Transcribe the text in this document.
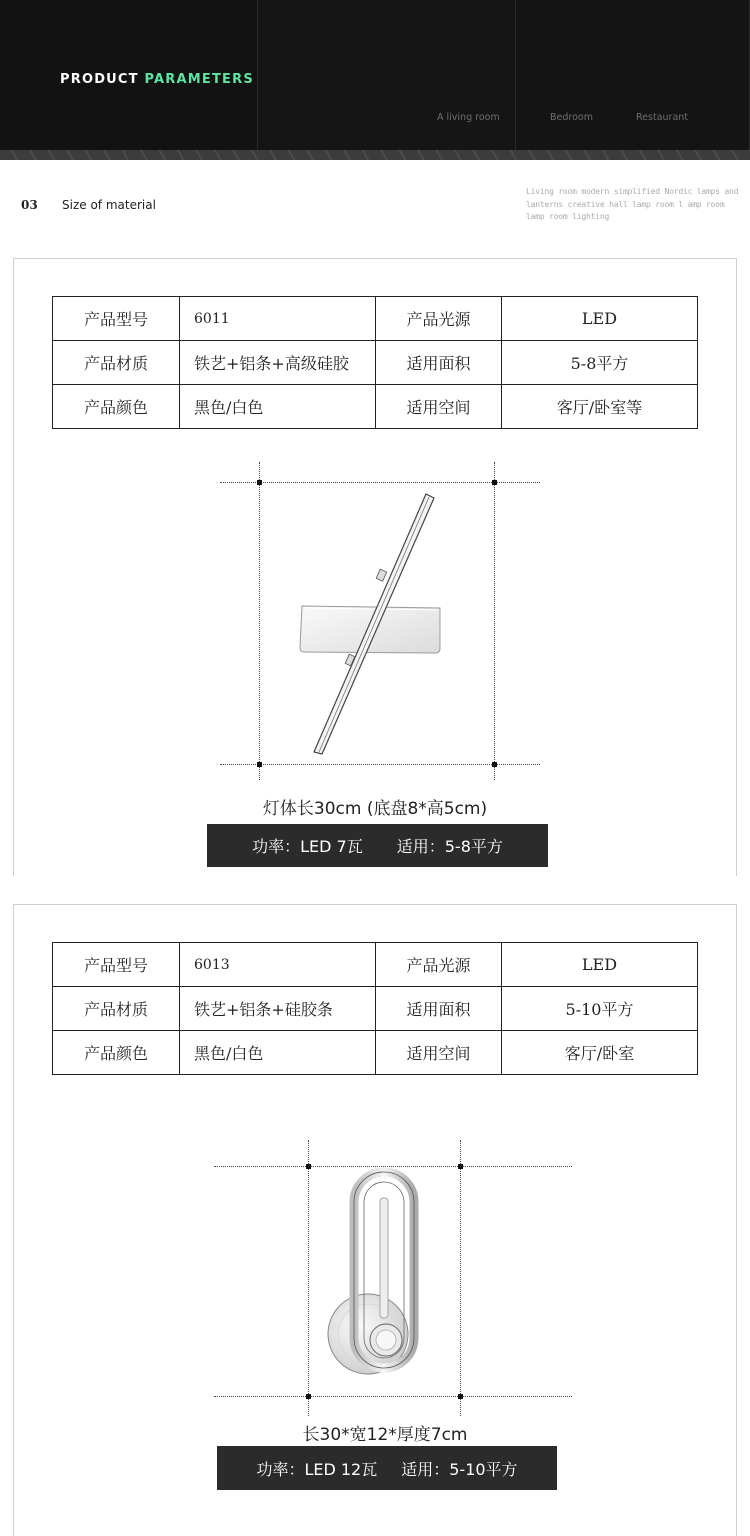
PRODUCT PARAMETERS
A living room	Bedroom	Restaurant
03 Size of material
Living room modern simplified Nordic lamps and lanterns creative hall lamp room l amp room lamp room lighting
产品型号	6011	产品光源	LED
产品材质	铁艺+铝条+高级硅胶	适用面积	5-8平方
产品颜色	黑色/白色	适用空间	客厅/卧室等
灯体长30cm (底盘8*高5cm)
功率：LED 7瓦 适用：5-8平方
产品型号	6013	产品光源	LED
产品材质	铁艺+铝条+硅胶条	适用面积	5-10平方
产品颜色	黑色/白色	适用空间	客厅/卧室
长30*宽12*厚度7cm
功率：LED 12瓦 适用：5-10平方
